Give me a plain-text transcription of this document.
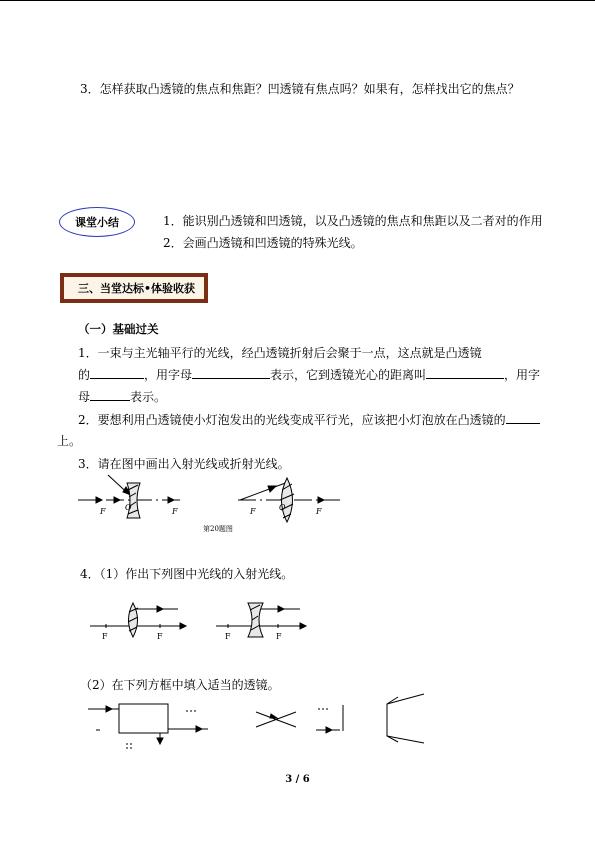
3．怎样获取凸透镜的焦点和焦距？凹透镜有焦点吗？如果有，怎样找出它的焦点？
课堂小结	1．能识别凸透镜和凹透镜，以及凸透镜的焦点和焦距以及二者对的作用
2．会画凸透镜和凹透镜的特殊光线。
三、当堂达标•体验收获
（一）基础过关
1．一束与主光轴平行的光线，经凸透镜折射后会聚于一点，这点就是凸透镜
的	，用字母	表示，它到透镜光心的距离叫	，用字
母	表示。
2．要想利用凸透镜使小灯泡发出的光线变成平行光，应该把小灯泡放在凸透镜的
上。
3．请在图中画出入射光线或折射光线。
F O	F	F	O	F
第20题图
4．（1）作出下列图中光线的入射光线。
F	F	F	F
（2）在下列方框中填入适当的透镜。
3 / 6
